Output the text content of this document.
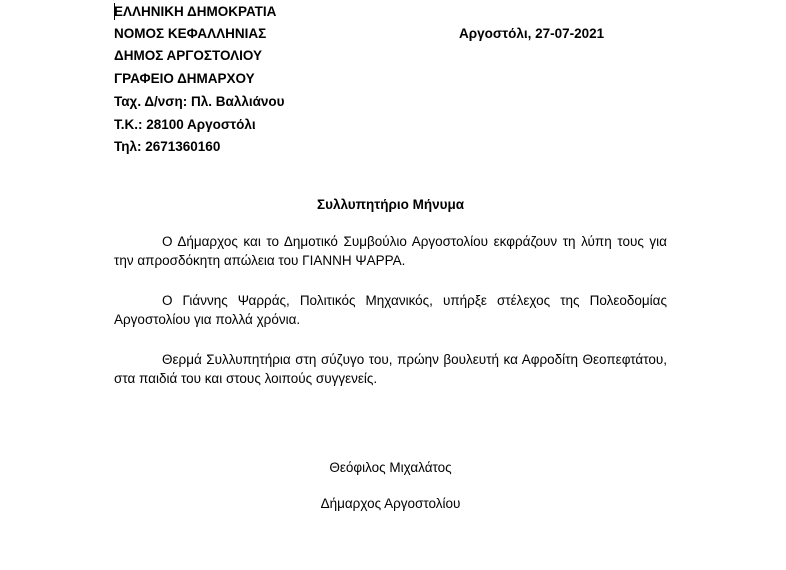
ΕΛΛΗΝΙΚΗ ΔΗΜΟΚΡΑΤΙΑ
ΝΟΜΟΣ ΚΕΦΑΛΛΗΝΙΑΣ
ΔΗΜΟΣ ΑΡΓΟΣΤΟΛΙΟΥ
ΓΡΑΦΕΙΟ ΔΗΜΑΡΧΟΥ
Ταχ. Δ/νση: Πλ. Βαλλιάνου
Τ.Κ.: 28100 Αργοστόλι
Τηλ: 2671360160
Αργοστόλι, 27-07-2021
Συλλυπητήριο Μήνυμα
Ο Δήμαρχος και το Δημοτικό Συμβούλιο Αργοστολίου εκφράζουν τη λύπη τους για την απροσδόκητη απώλεια του ΓΙΑΝΝΗ ΨΑΡΡΑ.
Ο Γιάννης Ψαρράς, Πολιτικός Μηχανικός, υπήρξε στέλεχος της Πολεοδομίας Αργοστολίου για πολλά χρόνια.
Θερμά Συλλυπητήρια στη σύζυγο του, πρώην βουλευτή κα Αφροδίτη Θεοπεφτάτου, στα παιδιά του και στους λοιπούς συγγενείς.
Θεόφιλος Μιχαλάτος
Δήμαρχος Αργοστολίου
